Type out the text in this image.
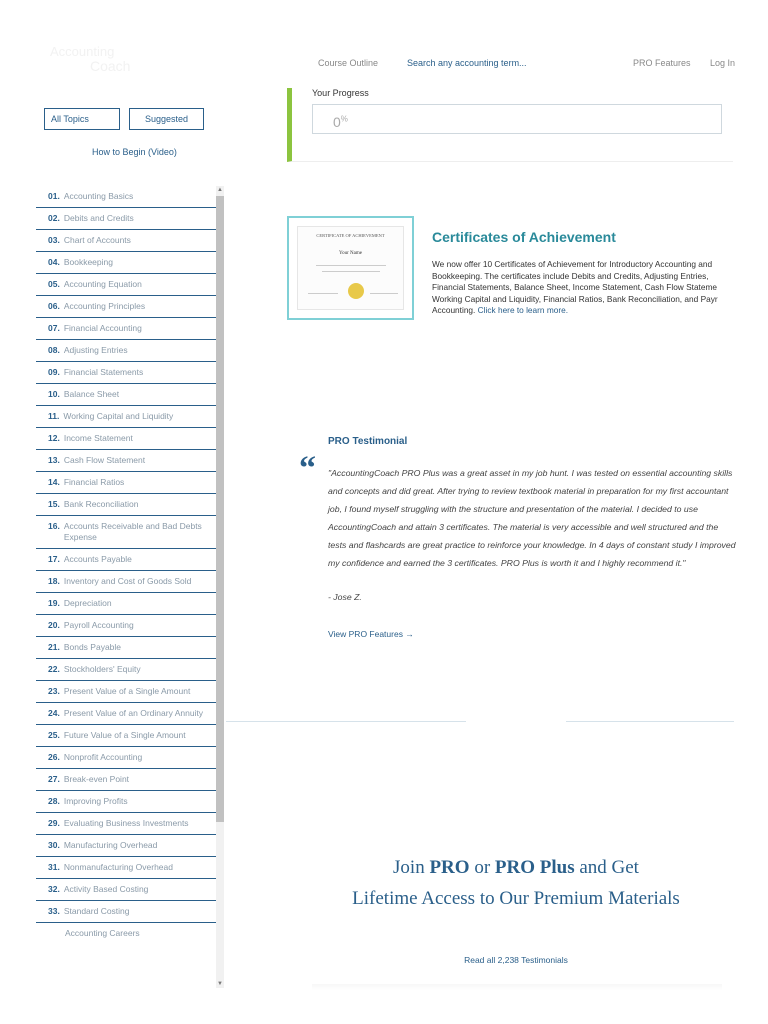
Accounting
Coach	Course Outline	Search any accounting term...	PRO Features Log In
Your Progress
0%
All Topics	Suggested
How to Begin (Video)
01. Accounting Basics
02. Debits and Credits
03. Chart of Accounts
04. Bookkeeping
05. Accounting Equation
06. Accounting Principles
07. Financial Accounting
08. Adjusting Entries
09. Financial Statements
10. Balance Sheet
11. Working Capital and Liquidity
12. Income Statement
13. Cash Flow Statement
14. Financial Ratios
15. Bank Reconciliation
16. Accounts Receivable and Bad Debts Expense
17. Accounts Payable
18. Inventory and Cost of Goods Sold
19. Depreciation
20. Payroll Accounting
21. Bonds Payable
22. Stockholders' Equity
23. Present Value of a Single Amount
24. Present Value of an Ordinary Annuity
25. Future Value of a Single Amount
26. Nonprofit Accounting
27. Break-even Point
28. Improving Profits
29. Evaluating Business Investments
30. Manufacturing Overhead
31. Nonmanufacturing Overhead
32. Activity Based Costing
33. Standard Costing
Accounting Careers
▲
▼
CERTIFICATE OF ACHIEVEMENT
Your Name
Certificates of Achievement
We now offer 10 Certificates of Achievement for Introductory Accounting and
Bookkeeping. The certificates include Debits and Credits, Adjusting Entries,
Financial Statements, Balance Sheet, Income Statement, Cash Flow Stateme
Working Capital and Liquidity, Financial Ratios, Bank Reconciliation, and Payr
Accounting. Click here to learn more.
PRO Testimonial
“ "AccountingCoach PRO Plus was a great asset in my job hunt. I was tested on essential accounting skills and concepts and did great. After trying to review textbook material in preparation for my first accountant job, I found myself struggling with the structure and presentation of the material. I decided to use AccountingCoach and attain 3 certificates. The material is very accessible and well structured and the tests and flashcards are great practice to reinforce your knowledge. In 4 days of constant study I improved my confidence and earned the 3 certificates. PRO Plus is worth it and I highly recommend it."
- Jose Z.
View PRO Features →
Join PRO or PRO Plus and Get
Lifetime Access to Our Premium Materials
Read all 2,238 Testimonials
